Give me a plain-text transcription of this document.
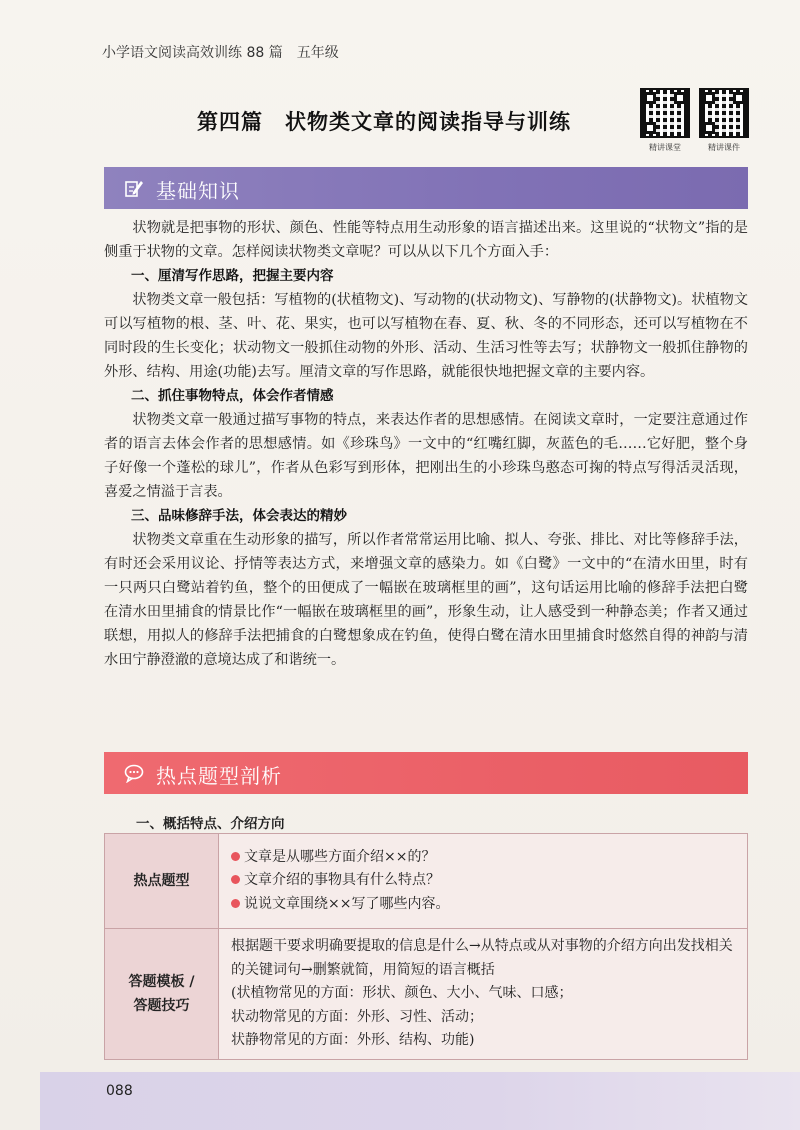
小学语文阅读高效训练 88 篇　五年级
第四篇　状物类文章的阅读指导与训练
精讲课堂	精讲课件
基础知识

状物就是把事物的形状、颜色、性能等特点用生动形象的语言描述出来。这里说的“状物文”指的是侧重于状物的文章。怎样阅读状物类文章呢？可以从以下几个方面入手：

一、厘清写作思路，把握主要内容

状物类文章一般包括：写植物的(状植物文)、写动物的(状动物文)、写静物的(状静物文)。状植物文可以写植物的根、茎、叶、花、果实，也可以写植物在春、夏、秋、冬的不同形态，还可以写植物在不同时段的生长变化；状动物文一般抓住动物的外形、活动、生活习性等去写；状静物文一般抓住静物的外形、结构、用途(功能)去写。厘清文章的写作思路，就能很快地把握文章的主要内容。

二、抓住事物特点，体会作者情感

状物类文章一般通过描写事物的特点，来表达作者的思想感情。在阅读文章时，一定要注意通过作者的语言去体会作者的思想感情。如《珍珠鸟》一文中的“红嘴红脚，灰蓝色的毛……它好肥，整个身子好像一个蓬松的球儿”，作者从色彩写到形体，把刚出生的小珍珠鸟憨态可掬的特点写得活灵活现，喜爱之情溢于言表。

三、品味修辞手法，体会表达的精妙

状物类文章重在生动形象的描写，所以作者常常运用比喻、拟人、夸张、排比、对比等修辞手法，有时还会采用议论、抒情等表达方式，来增强文章的感染力。如《白鹭》一文中的“在清水田里，时有一只两只白鹭站着钓鱼，整个的田便成了一幅嵌在玻璃框里的画”，这句话运用比喻的修辞手法把白鹭在清水田里捕食的情景比作“一幅嵌在玻璃框里的画”，形象生动，让人感受到一种静态美；作者又通过联想，用拟人的修辞手法把捕食的白鹭想象成在钓鱼，使得白鹭在清水田里捕食时悠然自得的神韵与清水田宁静澄澈的意境达成了和谐统一。

热点题型剖析
一、概括特点、介绍方向
热点题型	文章是从哪些方面介绍××的？
文章介绍的事物具有什么特点？
说说文章围绕××写了哪些内容。

答题模板 /
答题技巧	根据题干要求明确要提取的信息是什么→从特点或从对事物的介绍方向出发找相关的关键词句→删繁就简，用简短的语言概括
(状植物常见的方面：形状、颜色、大小、气味、口感；
状动物常见的方面：外形、习性、活动；
状静物常见的方面：外形、结构、功能)
088
